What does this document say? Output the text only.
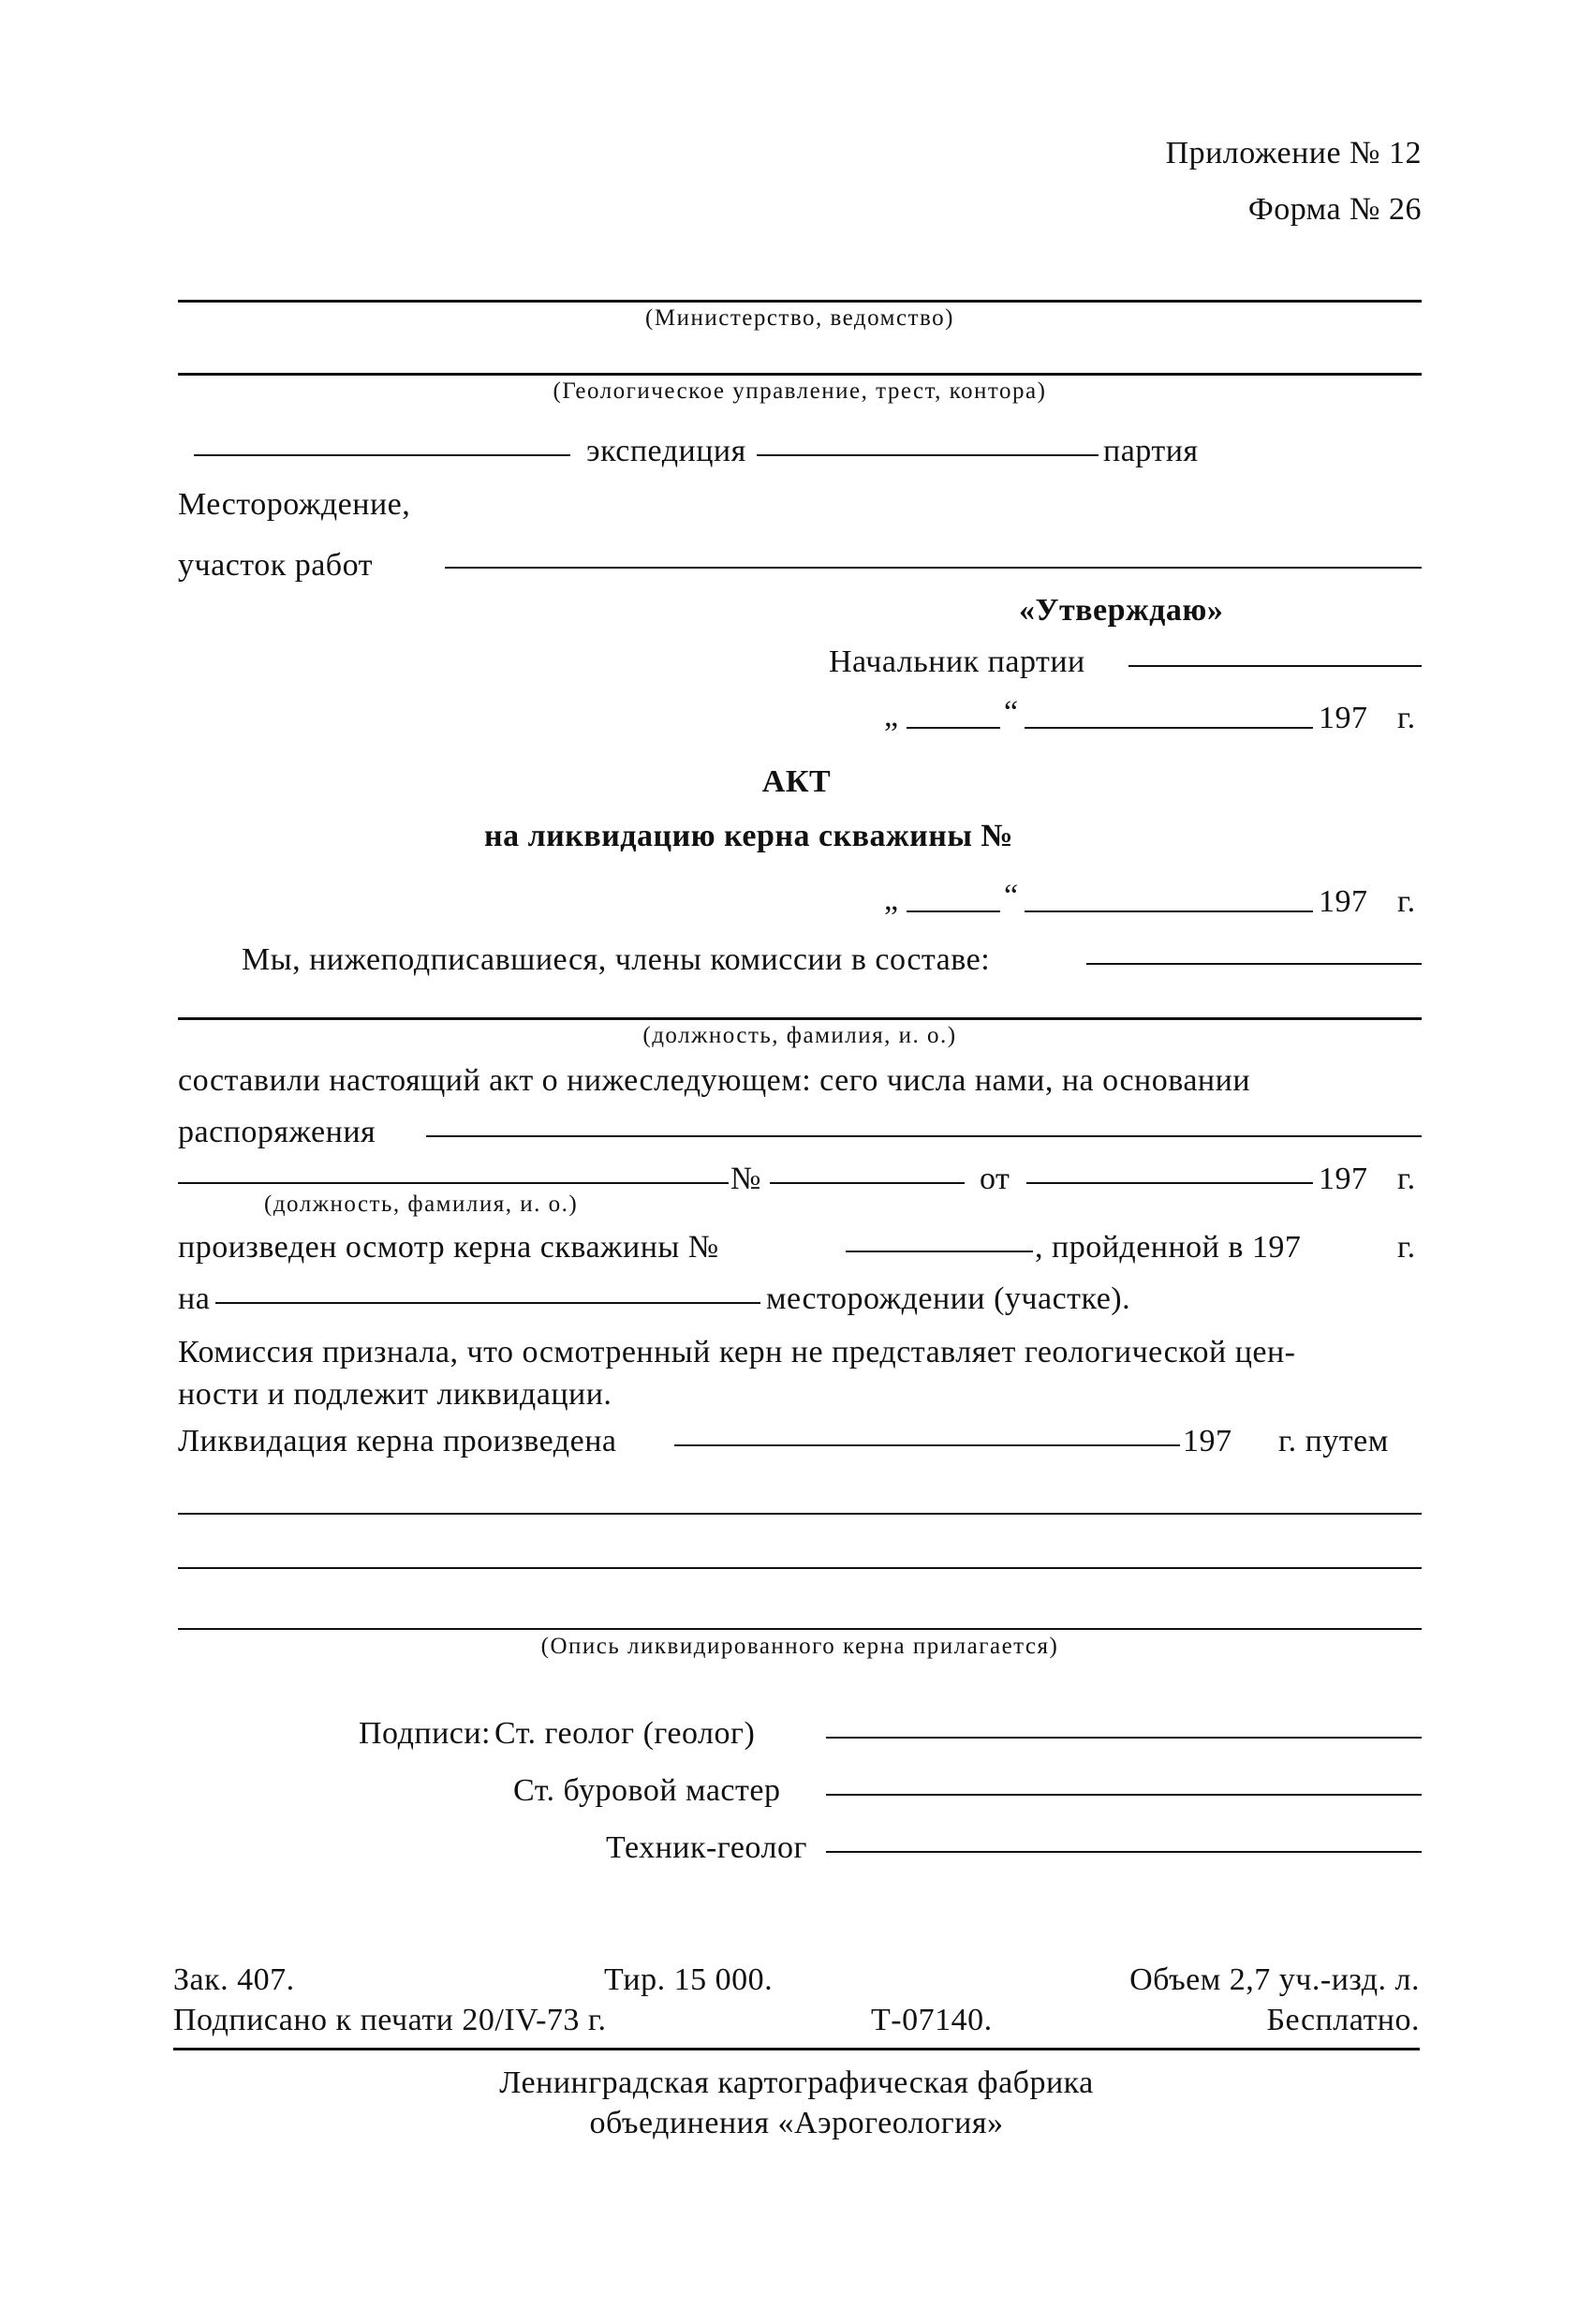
Приложение № 12
Форма № 26
(Министерство, ведомство)
(Геологическое управление, трест, контора)
экспедиция	партия
Месторождение,
участок работ
«Утверждаю»
Начальник партии
„	“	197 г.
АКТ
на ликвидацию керна скважины №
„	“	197 г.
Мы, нижеподписавшиеся, члены комиссии в составе:
(должность, фамилия, и. о.)
составили настоящий акт о нижеследующем: сего числа нами, на основании
распоряжения
(должность, фамилия, и. о.)
№	от	197 г.
произведен осмотр керна скважины №	, пройденной в 197	г.
на	месторождении (участке).
Комиссия признала, что осмотренный керн не представляет геологической цен-
ности и подлежит ликвидации.
Ликвидация керна произведена	197 г. путем
(Опись ликвидированного керна прилагается)
Подписи: Ст. геолог (геолог)
Ст. буровой мастер
Техник-геолог
Зак. 407.	Тир. 15 000.	Объем 2,7 уч.-изд. л.
Подписано к печати 20/IV-73 г.	Т-07140.	Бесплатно.
Ленинградская картографическая фабрика
объединения «Аэрогеология»
